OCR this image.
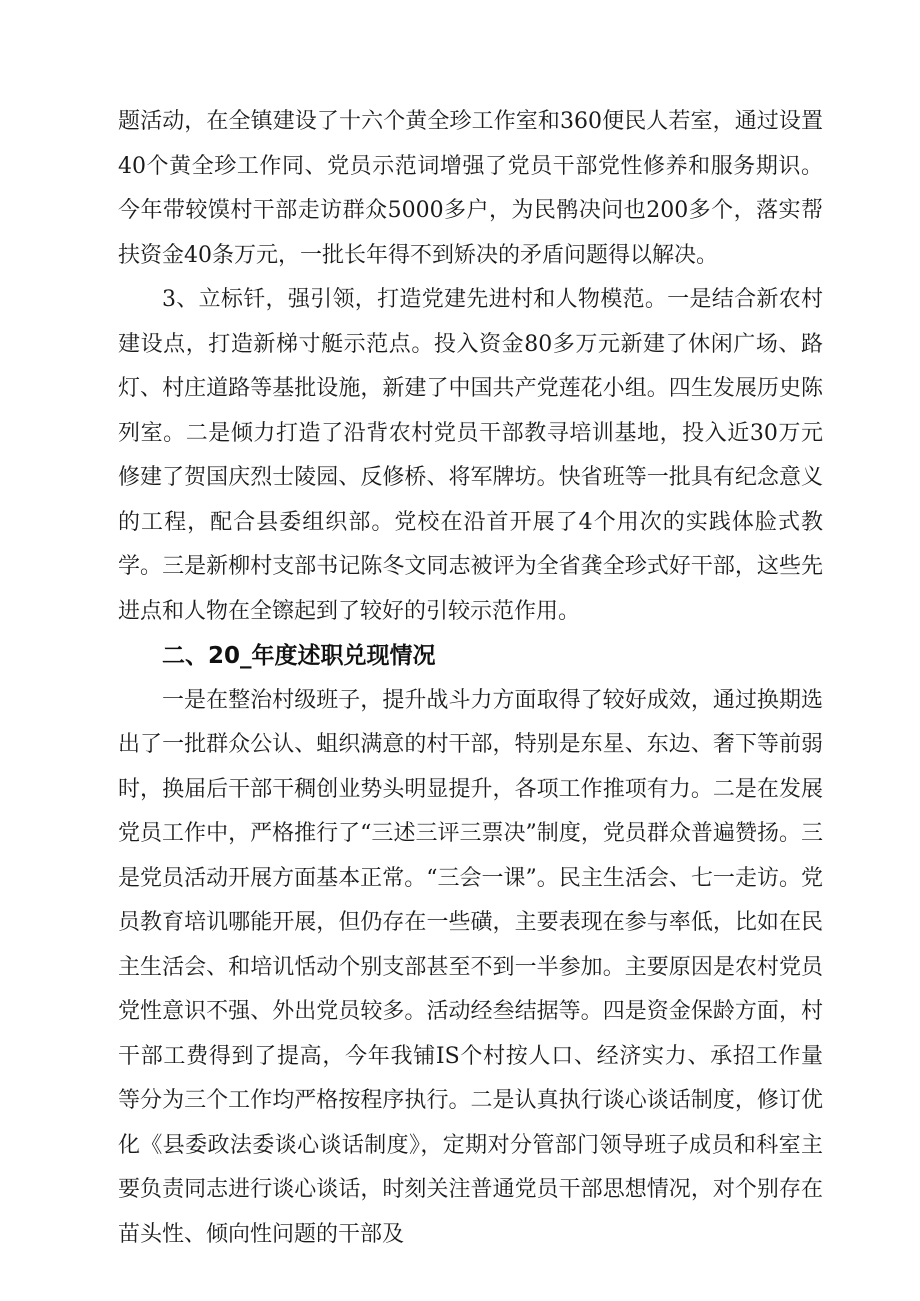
题活动，在全镇建设了十六个黄全珍工作室和360便民人若室，通过设置40个黄全珍工作同、党员示范词增强了党员干部党性修养和服务期识。今年带较馍村干部走访群众5000多户，为民鹘决问也200多个，落实帮扶资金40条万元，一批长年得不到矫决的矛盾问题得以解决。

3、立标钎，强引领，打造党建先进村和人物模范。一是结合新农村建设点，打造新梯寸艇示范点。投入资金80多万元新建了休闲广场、路灯、村庄道路等基批设施，新建了中国共产党莲花小组。四生发展历史陈列室。二是倾力打造了沿背农村党员干部教寻培训基地，投入近30万元修建了贺国庆烈士陵园、反修桥、将军牌坊。快省班等一批具有纪念意义的工程，配合县委组织部。党校在沿首开展了4个用次的实践体脸式教学。三是新柳村支部书记陈冬文同志被评为全省龚全珍式好干部，这些先进点和人物在全镲起到了较好的引较示范作用。

二、20_年度述职兑现情况

一是在整治村级班子，提升战斗力方面取得了较好成效，通过换期选出了一批群众公认、蛆织满意的村干部，特别是东星、东边、奢下等前弱时，换届后干部干稠创业势头明显提升，各项工作推项有力。二是在发展党员工作中，严格推行了“三述三评三票决”制度，党员群众普遍赞扬。三是党员活动开展方面基本正常。“三会一课”。民主生活会、七一走访。党员教育培讥哪能开展，但仍存在一些磺，主要表现在参与率低，比如在民主生活会、和培讥恬动个别支部甚至不到一半参加。主要原因是农村党员党性意识不强、外出党员较多。活动经叁结据等。四是资金保龄方面，村干部工费得到了提高，今年我铺IS个村按人口、经济实力、承招工作量等分为三个工作均严格按程序执行。二是认真执行谈心谈话制度，修订优化《县委政法委谈心谈话制度》，定期对分管部门领导班子成员和科室主要负责同志进行谈心谈话，时刻关注普通党员干部思想情况，对个别存在苗头性、倾向性问题的干部及
